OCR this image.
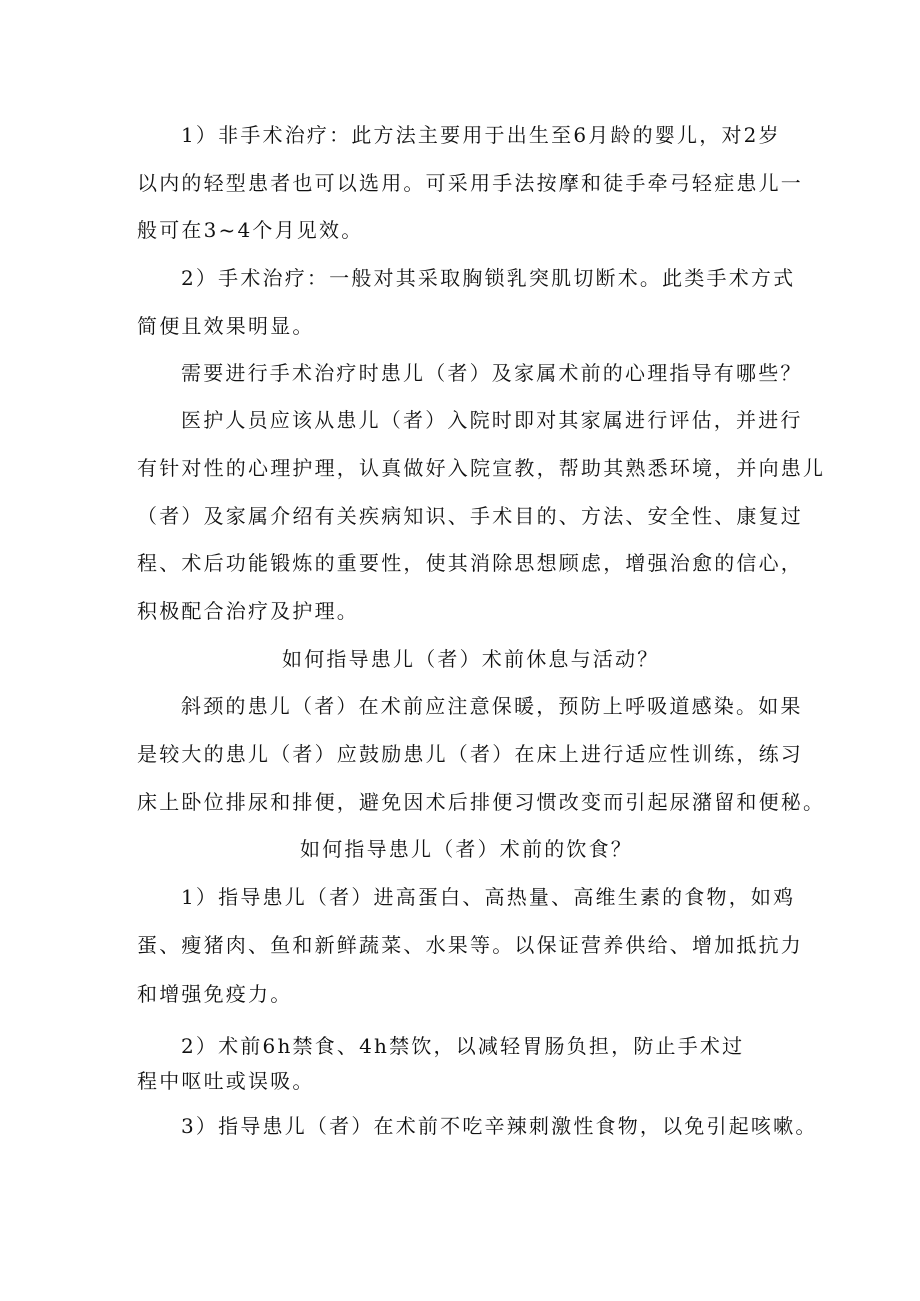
1）非手术治疗：此方法主要用于出生至6月龄的婴儿，对2岁
以内的轻型患者也可以选用。可采用手法按摩和徒手牵弓轻症患儿一
般可在3~4个月见效。
2）手术治疗：一般对其采取胸锁乳突肌切断术。此类手术方式
简便且效果明显。
需要进行手术治疗时患儿（者）及家属术前的心理指导有哪些？
医护人员应该从患儿（者）入院时即对其家属进行评估，并进行
有针对性的心理护理，认真做好入院宣教，帮助其熟悉环境，并向患儿
（者）及家属介绍有关疾病知识、手术目的、方法、安全性、康复过
程、术后功能锻炼的重要性，使其消除思想顾虑，增强治愈的信心，
积极配合治疗及护理。
如何指导患儿（者）术前休息与活动？
斜颈的患儿（者）在术前应注意保暖，预防上呼吸道感染。如果
是较大的患儿（者）应鼓励患儿（者）在床上进行适应性训练，练习
床上卧位排尿和排便，避免因术后排便习惯改变而引起尿潴留和便秘。
如何指导患儿（者）术前的饮食？
1）指导患儿（者）进高蛋白、高热量、高维生素的食物，如鸡
蛋、瘦猪肉、鱼和新鲜蔬菜、水果等。以保证营养供给、增加抵抗力
和增强免疫力。
2）术前6h禁食、4h禁饮，以减轻胃肠负担，防止手术过
程中呕吐或误吸。
3）指导患儿（者）在术前不吃辛辣刺激性食物，以免引起咳嗽。
